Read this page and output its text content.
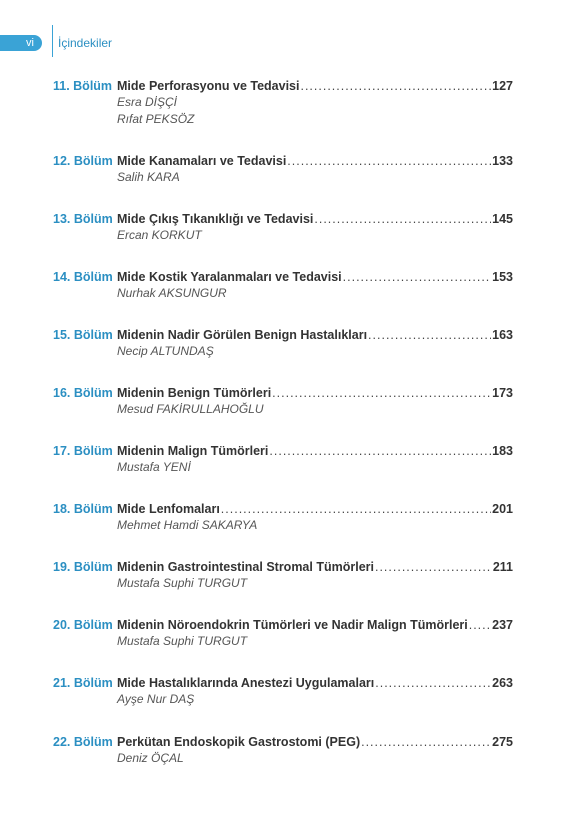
vi	İçindekiler
11. Bölüm Mide Perforasyonu ve Tedavisi .....	127
Esra DİŞÇİ
Rıfat PEKSÖZ
12. Bölüm Mide Kanamaları ve Tedavisi .....	133
Salih KARA
13. Bölüm Mide Çıkış Tıkanıklığı ve Tedavisi .....	145
Ercan KORKUT
14. Bölüm Mide Kostik Yaralanmaları ve Tedavisi .....	153
Nurhak AKSUNGUR
15. Bölüm Midenin Nadir Görülen Benign Hastalıkları .....	163
Necip ALTUNDAŞ
16. Bölüm Midenin Benign Tümörleri .....	173
Mesud FAKİRULLAHOĞLU
17. Bölüm Midenin Malign Tümörleri .....	183
Mustafa YENİ
18. Bölüm Mide Lenfomaları .....	201
Mehmet Hamdi SAKARYA
19. Bölüm Midenin Gastrointestinal Stromal Tümörleri .....	211
Mustafa Suphi TURGUT
20. Bölüm Midenin Nöroendokrin Tümörleri ve Nadir Malign Tümörleri ..... 237
Mustafa Suphi TURGUT
21. Bölüm Mide Hastalıklarında Anestezi Uygulamaları .....	263
Ayşe Nur DAŞ
22. Bölüm Perkütan Endoskopik Gastrostomi (PEG) .....	275
Deniz ÖÇAL
